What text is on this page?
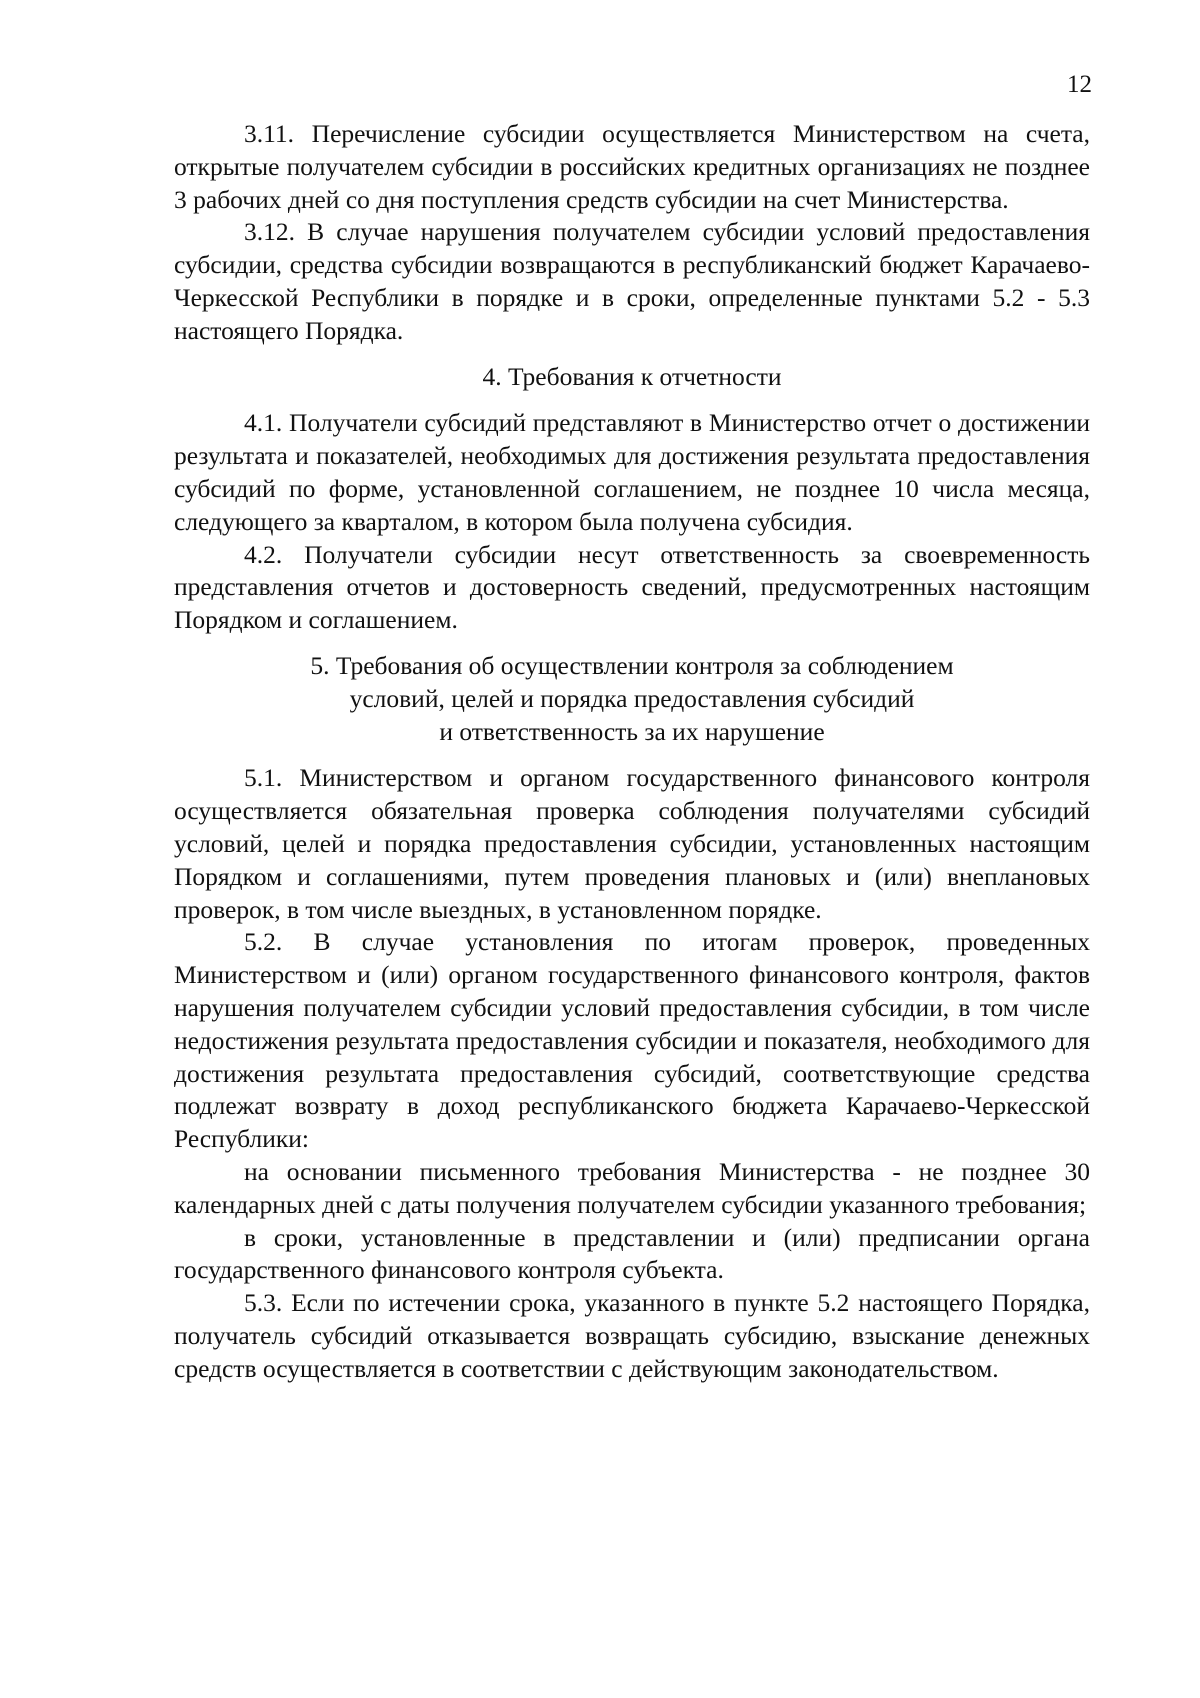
12

3.11. Перечисление субсидии осуществляется Министерством на счета, открытые получателем субсидии в российских кредитных организациях не позднее 3 рабочих дней со дня поступления средств субсидии на счет Министерства.

3.12. В случае нарушения получателем субсидии условий предоставления субсидии, средства субсидии возвращаются в республиканский бюджет Карачаево-Черкесской Республики в порядке и в сроки, определенные пунктами 5.2 - 5.3 настоящего Порядка.

4. Требования к отчетности

4.1. Получатели субсидий представляют в Министерство отчет о достижении результата и показателей, необходимых для достижения результата предоставления субсидий по форме, установленной соглашением, не позднее 10 числа месяца, следующего за кварталом, в котором была получена субсидия.

4.2. Получатели субсидии несут ответственность за своевременность представления отчетов и достоверность сведений, предусмотренных настоящим Порядком и соглашением.

5. Требования об осуществлении контроля за соблюдением
условий, целей и порядка предоставления субсидий
и ответственность за их нарушение

5.1. Министерством и органом государственного финансового контроля осуществляется обязательная проверка соблюдения получателями субсидий условий, целей и порядка предоставления субсидии, установленных настоящим Порядком и соглашениями, путем проведения плановых и (или) внеплановых проверок, в том числе выездных, в установленном порядке.

5.2. В случае установления по итогам проверок, проведенных Министерством и (или) органом государственного финансового контроля, фактов нарушения получателем субсидии условий предоставления субсидии, в том числе недостижения результата предоставления субсидии и показателя, необходимого для достижения результата предоставления субсидий, соответствующие средства подлежат возврату в доход республиканского бюджета Карачаево-Черкесской Республики:

на основании письменного требования Министерства - не позднее 30 календарных дней с даты получения получателем субсидии указанного требования;

в сроки, установленные в представлении и (или) предписании органа государственного финансового контроля субъекта.

5.3. Если по истечении срока, указанного в пункте 5.2 настоящего Порядка, получатель субсидий отказывается возвращать субсидию, взыскание денежных средств осуществляется в соответствии с действующим законодательством.
